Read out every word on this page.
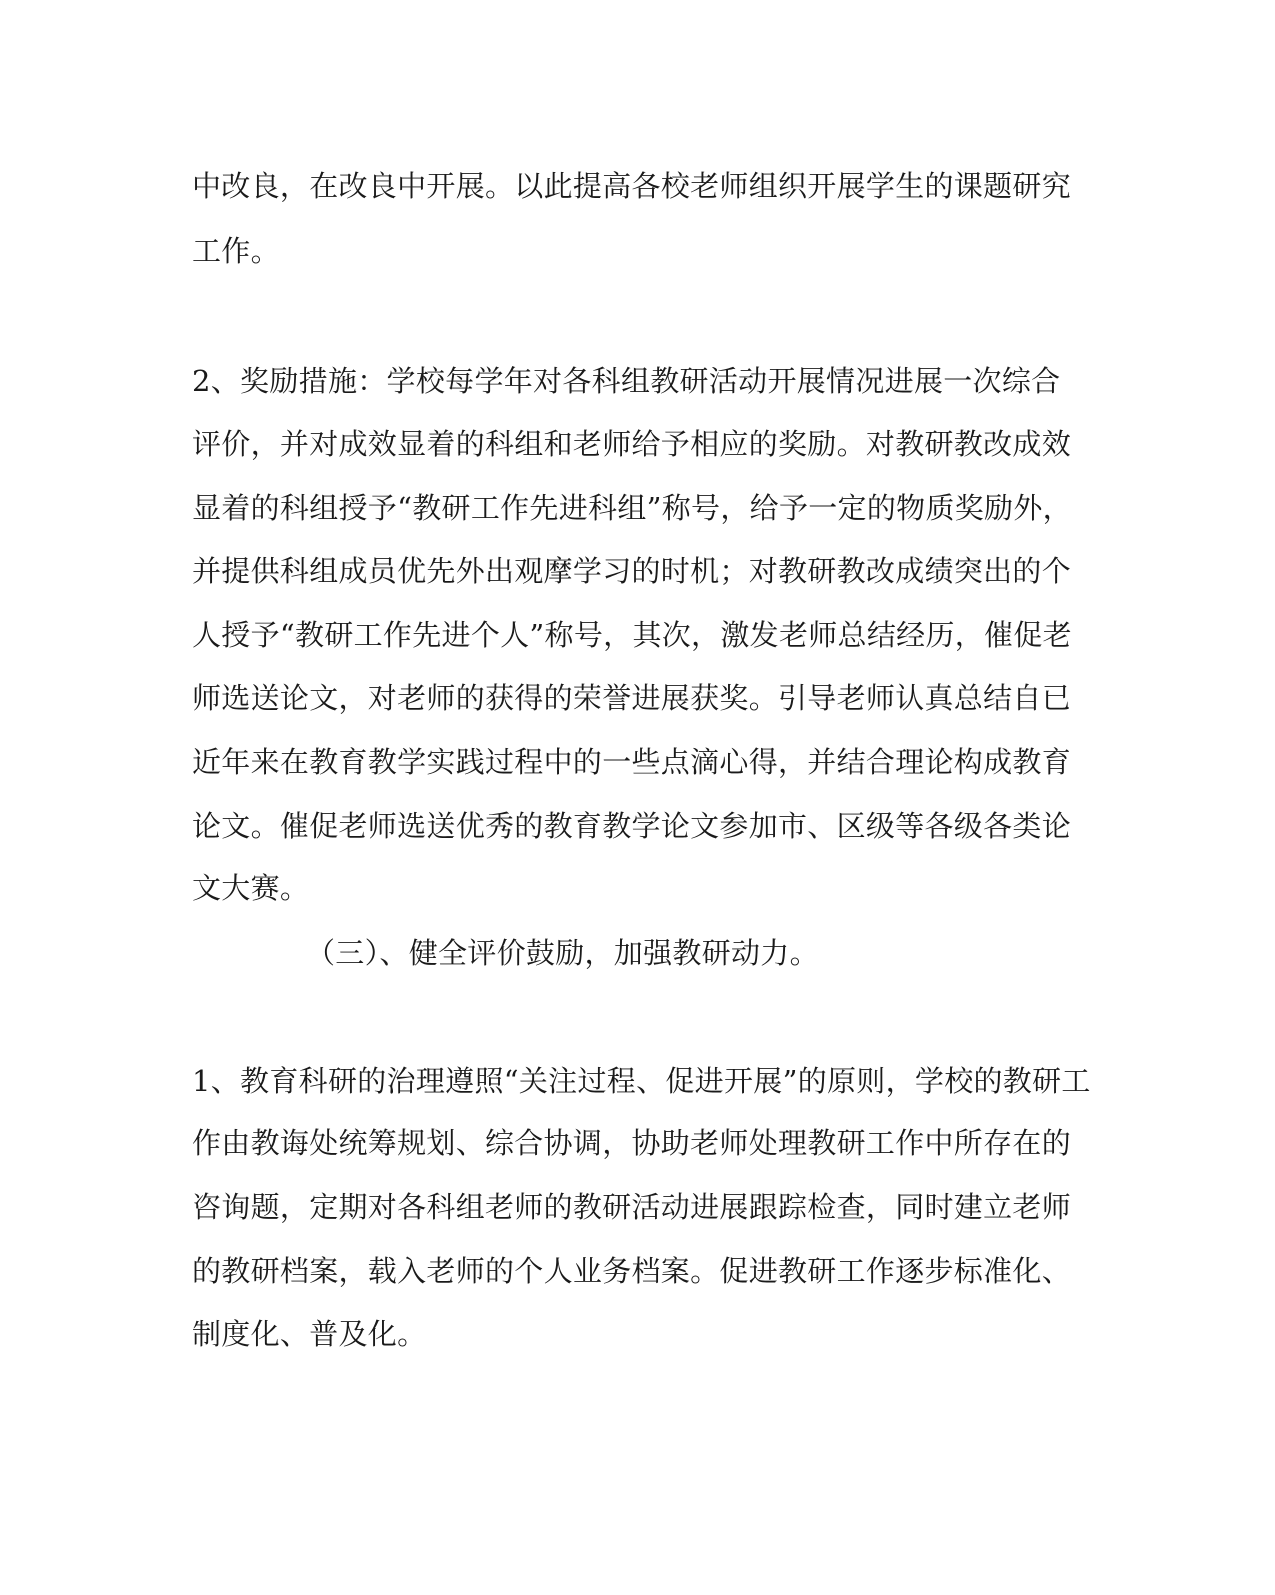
中改良，在改良中开展。以此提高各校老师组织开展学生的课题研究
工作。
2、奖励措施：学校每学年对各科组教研活动开展情况进展一次综合
评价，并对成效显着的科组和老师给予相应的奖励。对教研教改成效
显着的科组授予“教研工作先进科组”称号，给予一定的物质奖励外，
并提供科组成员优先外出观摩学习的时机；对教研教改成绩突出的个
人授予“教研工作先进个人”称号，其次，激发老师总结经历，催促老
师选送论文，对老师的获得的荣誉进展获奖。引导老师认真总结自已
近年来在教育教学实践过程中的一些点滴心得，并结合理论构成教育
论文。催促老师选送优秀的教育教学论文参加市、区级等各级各类论
文大赛。
（三）、健全评价鼓励，加强教研动力。
1、教育科研的治理遵照“关注过程、促进开展”的原则，学校的教研工
作由教诲处统筹规划、综合协调，协助老师处理教研工作中所存在的
咨询题，定期对各科组老师的教研活动进展跟踪检查，同时建立老师
的教研档案，载入老师的个人业务档案。促进教研工作逐步标准化、
制度化、普及化。
